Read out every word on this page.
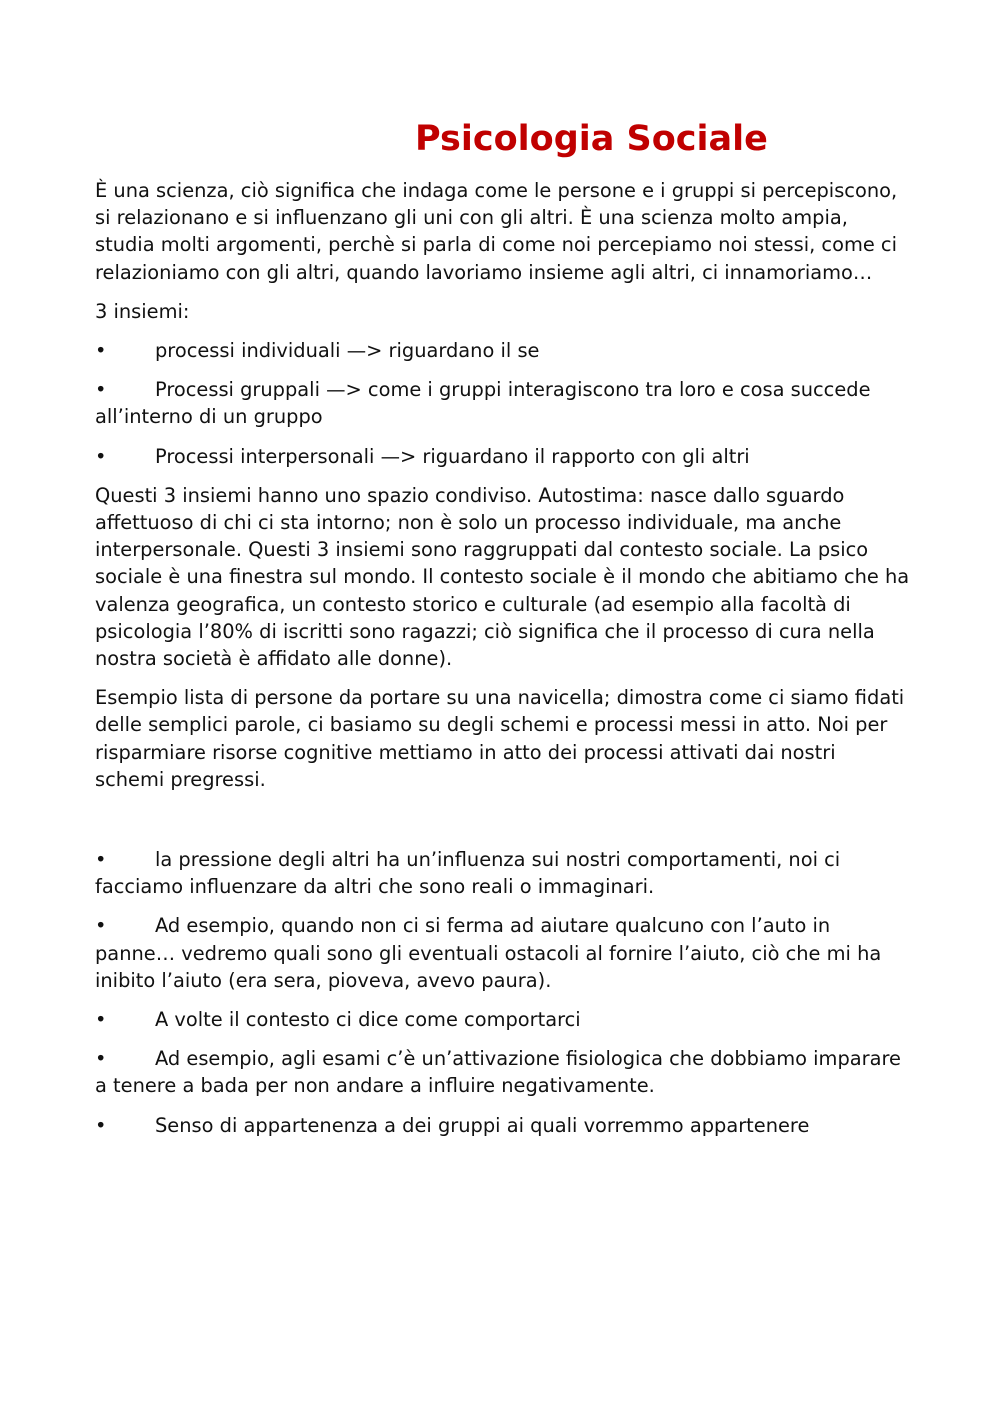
Psicologia Sociale

È una scienza, ciò significa che indaga come le persone e i gruppi si percepiscono, si relazionano e si influenzano gli uni con gli altri. È una scienza molto ampia, studia molti argomenti, perchè si parla di come noi percepiamo noi stessi, come ci relazioniamo con gli altri, quando lavoriamo insieme agli altri, ci innamoriamo…

3 insiemi:

•	processi individuali —> riguardano il se

•	Processi gruppali —> come i gruppi interagiscono tra loro e cosa succede all’interno di un gruppo

•	Processi interpersonali —> riguardano il rapporto con gli altri

Questi 3 insiemi hanno uno spazio condiviso. Autostima: nasce dallo sguardo affettuoso di chi ci sta intorno; non è solo un processo individuale, ma anche interpersonale. Questi 3 insiemi sono raggruppati dal contesto sociale. La psico sociale è una finestra sul mondo. Il contesto sociale è il mondo che abitiamo che ha valenza geografica, un contesto storico e culturale (ad esempio alla facoltà di psicologia l’80% di iscritti sono ragazzi; ciò significa che il processo di cura nella nostra società è affidato alle donne).

Esempio lista di persone da portare su una navicella; dimostra come ci siamo fidati delle semplici parole, ci basiamo su degli schemi e processi messi in atto. Noi per risparmiare risorse cognitive mettiamo in atto dei processi attivati dai nostri schemi pregressi.

•	la pressione degli altri ha un’influenza sui nostri comportamenti, noi ci facciamo influenzare da altri che sono reali o immaginari.

•	Ad esempio, quando non ci si ferma ad aiutare qualcuno con l’auto in panne… vedremo quali sono gli eventuali ostacoli al fornire l’aiuto, ciò che mi ha inibito l’aiuto (era sera, pioveva, avevo paura).

•	A volte il contesto ci dice come comportarci

•	Ad esempio, agli esami c’è un’attivazione fisiologica che dobbiamo imparare a tenere a bada per non andare a influire negativamente.

•	Senso di appartenenza a dei gruppi ai quali vorremmo appartenere
